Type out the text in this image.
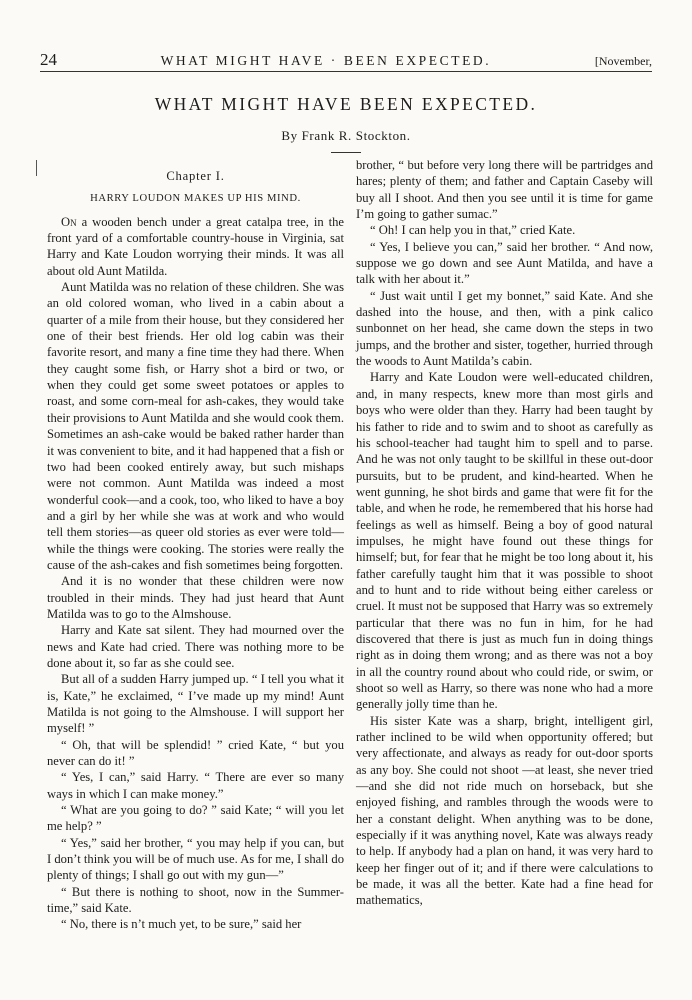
24	WHAT MIGHT HAVE · BEEN EXPECTED.	[November,
WHAT MIGHT HAVE BEEN EXPECTED.
By Frank R. Stockton.
Chapter I.
HARRY LOUDON MAKES UP HIS MIND.

On a wooden bench under a great catalpa tree, in the front yard of a comfortable country-house in Virginia, sat Harry and Kate Loudon worrying their minds. It was all about old Aunt Matilda.

Aunt Matilda was no relation of these children. She was an old colored woman, who lived in a cabin about a quarter of a mile from their house, but they considered her one of their best friends. Her old log cabin was their favorite resort, and many a fine time they had there. When they caught some fish, or Harry shot a bird or two, or when they could get some sweet potatoes or apples to roast, and some corn-meal for ash-cakes, they would take their provisions to Aunt Matilda and she would cook them. Sometimes an ash-cake would be baked rather harder than it was convenient to bite, and it had happened that a fish or two had been cooked entirely away, but such mishaps were not common. Aunt Matilda was indeed a most wonderful cook—and a cook, too, who liked to have a boy and a girl by her while she was at work and who would tell them stories—as queer old stories as ever were told—while the things were cooking. The stories were really the cause of the ash-cakes and fish sometimes being forgotten.

And it is no wonder that these children were now troubled in their minds. They had just heard that Aunt Matilda was to go to the Almshouse.

Harry and Kate sat silent. They had mourned over the news and Kate had cried. There was nothing more to be done about it, so far as she could see.

But all of a sudden Harry jumped up. “ I tell you what it is, Kate,” he exclaimed, “ I’ve made up my mind! Aunt Matilda is not going to the Almshouse. I will support her myself! ”

“ Oh, that will be splendid! ” cried Kate, “ but you never can do it! ”

“ Yes, I can,” said Harry. “ There are ever so many ways in which I can make money.”

“ What are you going to do? ” said Kate; “ will you let me help? ”

“ Yes,” said her brother, “ you may help if you can, but I don’t think you will be of much use. As for me, I shall do plenty of things; I shall go out with my gun—”

“ But there is nothing to shoot, now in the Summer-time,” said Kate.

“ No, there is n’t much yet, to be sure,” said her

brother, “ but before very long there will be partridges and hares; plenty of them; and father and Captain Caseby will buy all I shoot. And then you see until it is time for game I’m going to gather sumac.”

“ Oh! I can help you in that,” cried Kate.

“ Yes, I believe you can,” said her brother. “ And now, suppose we go down and see Aunt Matilda, and have a talk with her about it.”

“ Just wait until I get my bonnet,” said Kate. And she dashed into the house, and then, with a pink calico sunbonnet on her head, she came down the steps in two jumps, and the brother and sister, together, hurried through the woods to Aunt Matilda’s cabin.

Harry and Kate Loudon were well-educated children, and, in many respects, knew more than most girls and boys who were older than they. Harry had been taught by his father to ride and to swim and to shoot as carefully as his school-teacher had taught him to spell and to parse. And he was not only taught to be skillful in these out-door pursuits, but to be prudent, and kind-hearted. When he went gunning, he shot birds and game that were fit for the table, and when he rode, he remembered that his horse had feelings as well as himself. Being a boy of good natural impulses, he might have found out these things for himself; but, for fear that he might be too long about it, his father carefully taught him that it was possible to shoot and to hunt and to ride without being either careless or cruel. It must not be supposed that Harry was so extremely particular that there was no fun in him, for he had discovered that there is just as much fun in doing things right as in doing them wrong; and as there was not a boy in all the country round about who could ride, or swim, or shoot so well as Harry, so there was none who had a more generally jolly time than he.

His sister Kate was a sharp, bright, intelligent girl, rather inclined to be wild when opportunity offered; but very affectionate, and always as ready for out-door sports as any boy. She could not shoot —at least, she never tried—and she did not ride much on horseback, but she enjoyed fishing, and rambles through the woods were to her a constant delight. When anything was to be done, especially if it was anything novel, Kate was always ready to help. If anybody had a plan on hand, it was very hard to keep her finger out of it; and if there were calculations to be made, it was all the better. Kate had a fine head for mathematics,
